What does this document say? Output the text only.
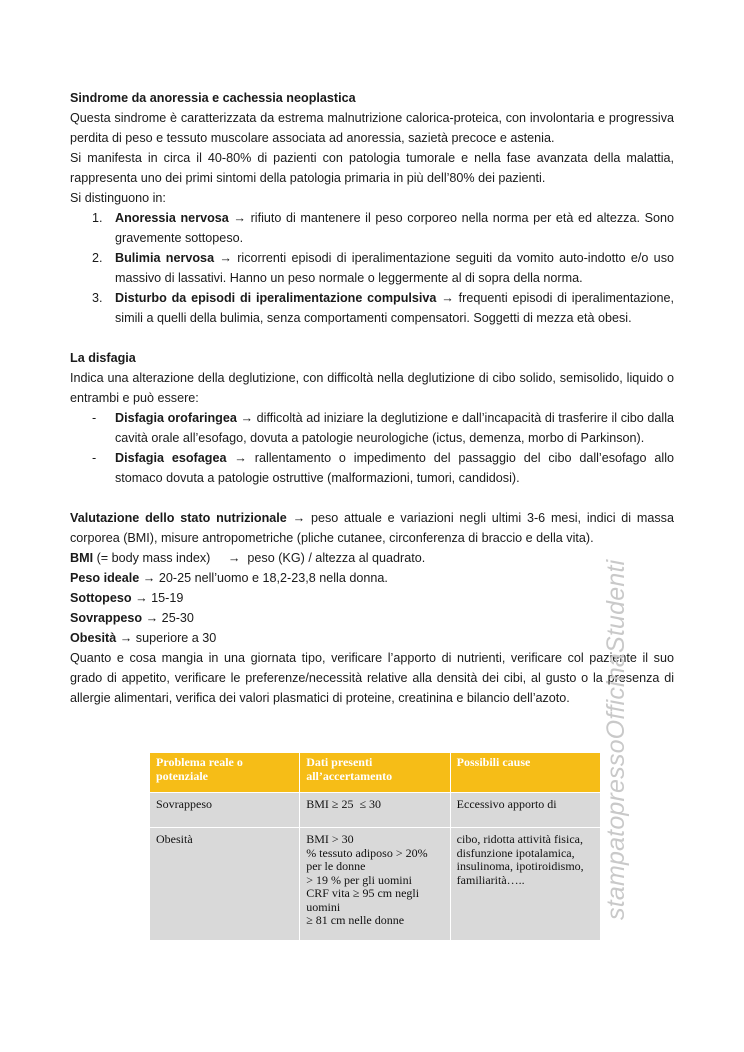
Sindrome da anoressia e cachessia neoplastica

Questa sindrome è caratterizzata da estrema malnutrizione calorica-proteica, con involontaria e progressiva perdita di peso e tessuto muscolare associata ad anoressia, sazietà precoce e astenia.

Si manifesta in circa il 40-80% di pazienti con patologia tumorale e nella fase avanzata della malattia, rappresenta uno dei primi sintomi della patologia primaria in più dell’80% dei pazienti.

Si distinguono in:

1. Anoressia nervosa → rifiuto di mantenere il peso corporeo nella norma per età ed altezza. Sono gravemente sottopeso.
2. Bulimia nervosa → ricorrenti episodi di iperalimentazione seguiti da vomito auto-indotto e/o uso massivo di lassativi. Hanno un peso normale o leggermente al di sopra della norma.
3. Disturbo da episodi di iperalimentazione compulsiva → frequenti episodi di iperalimentazione, simili a quelli della bulimia, senza comportamenti compensatori. Soggetti di mezza età obesi.
La disfagia

Indica una alterazione della deglutizione, con difficoltà nella deglutizione di cibo solido, semisolido, liquido o entrambi e può essere:

- Disfagia orofaringea → difficoltà ad iniziare la deglutizione e dall’incapacità di trasferire il cibo dalla cavità orale all’esofago, dovuta a patologie neurologiche (ictus, demenza, morbo di Parkinson).
- Disfagia esofagea → rallentamento o impedimento del passaggio del cibo dall’esofago allo stomaco dovuta a patologie ostruttive (malformazioni, tumori, candidosi).

Valutazione dello stato nutrizionale → peso attuale e variazioni negli ultimi 3-6 mesi, indici di massa corporea (BMI), misure antropometriche (pliche cutanee, circonferenza di braccio e della vita).

BMI (= body mass index)     →  peso (KG) / altezza al quadrato.

Peso ideale → 20-25 nell’uomo e 18,2-23,8 nella donna.

Sottopeso → 15-19

Sovrappeso → 25-30

Obesità → superiore a 30

Quanto e cosa mangia in una giornata tipo, verificare l’apporto di nutrienti, verificare col paziente il suo grado di appetito, verificare le preferenze/necessità relative alla densità dei cibi, al gusto o la presenza di allergie alimentari, verifica dei valori plasmatici di proteine, creatinina e bilancio dell’azoto.

Problema reale o potenziale	Dati presenti all’accertamento	Possibili cause
Sovrappeso	BMI ≥ 25  ≤ 30	Eccessivo apporto di
Obesità	BMI > 30
% tessuto adiposo > 20% per le donne
> 19 % per gli uomini
CRF vita ≥ 95 cm negli uomini
≥ 81 cm nelle donne	cibo, ridotta attività fisica, disfunzione ipotalamica, insulinoma, ipotiroidismo, familiarità…..	stampatopressoOfficinaStudenti
